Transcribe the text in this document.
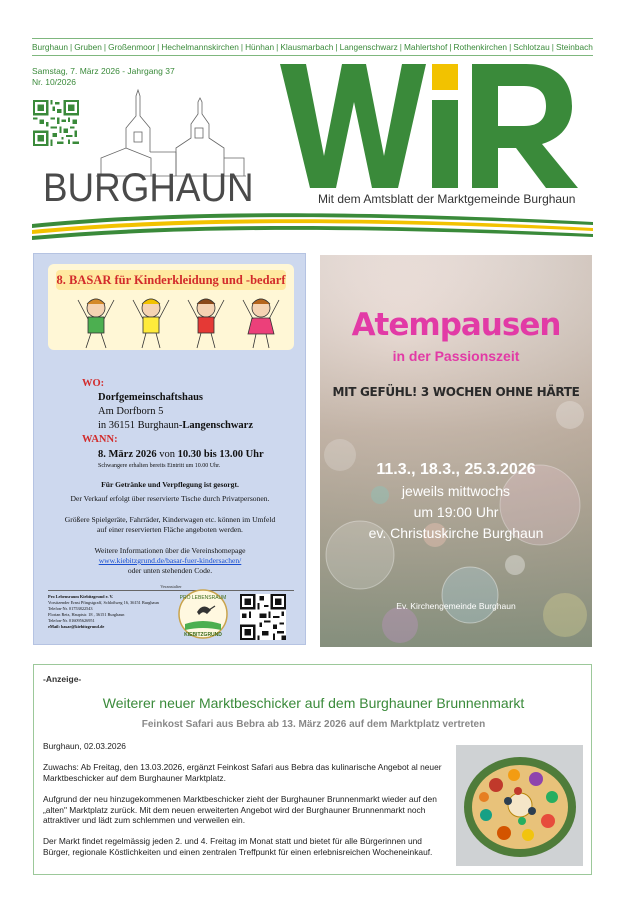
Burghaun | Gruben | Großenmoor | Hechelmannskirchen | Hünhan | Klausmarbach | Langenschwarz | Mahlertshof | Rothenkirchen | Schlotzau | Steinbach
Samstag, 7. März 2026 - Jahrgang 37
Nr. 10/2026
BURGHAUN	Mit dem Amtsblatt der Marktgemeinde Burghaun
8. BASAR für Kinderkleidung und -bedarf
WO:
Dorfgemeinschaftshaus
Am Dorfborn 5
in 36151 Burghaun-Langenschwarz
WANN:
8. März 2026 von 10.30 bis 13.00 Uhr
Schwangere erhalten bereits Eintritt um 10.00 Uhr.
Für Getränke und Verpflegung ist gesorgt.
Der Verkauf erfolgt über reservierte Tische durch Privatpersonen.
Größere Spielgeräte, Fahrräder, Kinderwagen etc. können im Umfeld
auf einer reservierten Fläche angeboten werden.
Weitere Informationen über die Vereinshomepage
www.kiebitzgrund.de/basar-fuer-kindersachen/
oder unten stehenden Code.
Veranstalter
Pro Lebensraum Kiebitzgrund e. V.
Vorsitzender Ernst Pfingstgraff, Schloßweg 16, 36151 Burghaun
Telefon-Nr. 01753822543
Florian Retz, Hauptstr. 18 , 36151 Burghaun
Telefon-Nr. 016095626951
eMail: basar@kiebitzgrund.de
PRO LEBENSRAUM
KIEBITZGRUND
Atempausen
in der Passionszeit
MIT GEFÜHL! 3 WOCHEN OHNE HÄRTE
11.3., 18.3., 25.3.2026
jeweils mittwochs
um 19:00 Uhr
ev. Christuskirche Burghaun
Ev. Kirchengemeinde Burghaun
-Anzeige-
Weiterer neuer Marktbeschicker auf dem Burghauner Brunnenmarkt
Feinkost Safari aus Bebra ab 13. März 2026 auf dem Marktplatz vertreten

Burghaun, 02.03.2026

Zuwachs: Ab Freitag, den 13.03.2026, ergänzt Feinkost Safari aus Bebra das kulinarische Angebot al neuer Marktbeschicker auf dem Burghauner Marktplatz.

Aufgrund der neu hinzugekommenen Marktbeschicker zieht der Burghauner Brunnenmarkt wieder auf den „alten" Marktplatz zurück. Mit dem neuen erweiterten Angebot wird der Burghauner Brunnenmarkt noch attraktiver und lädt zum schlemmen und verweilen ein.

Der Markt findet regelmässig jeden 2. und 4. Freitag im Monat statt und bietet für alle Bürgerinnen und Bürger, regionale Köstlichkeiten und einen zentralen Treffpunkt für einen erlebnisreichen Wocheneinkauf.
